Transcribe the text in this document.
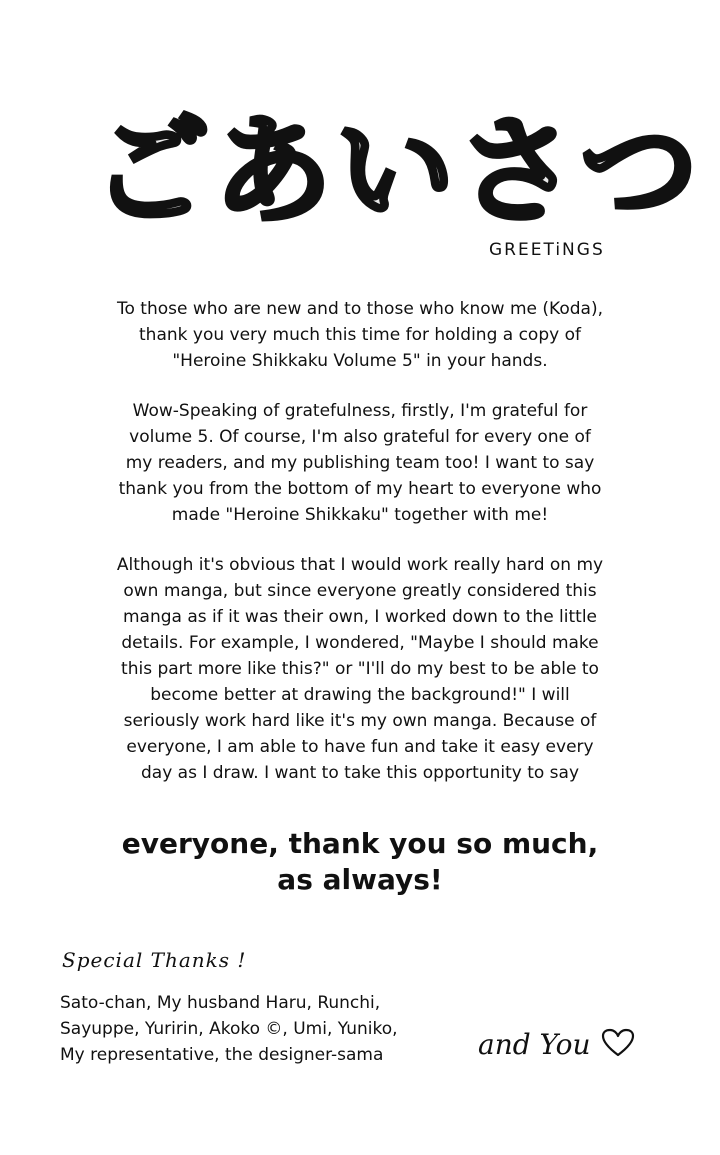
ごあいさつ
GREETiNGS
To those who are new and to those who know me (Koda),
thank you very much this time for holding a copy of
"Heroine Shikkaku Volume 5" in your hands.
Wow-Speaking of gratefulness, firstly, I'm grateful for
volume 5. Of course, I'm also grateful for every one of
my readers, and my publishing team too! I want to say
thank you from the bottom of my heart to everyone who
made "Heroine Shikkaku" together with me!
Although it's obvious that I would work really hard on my
own manga, but since everyone greatly considered this
manga as if it was their own, I worked down to the little
details. For example, I wondered, "Maybe I should make
this part more like this?" or "I'll do my best to be able to
become better at drawing the background!" I will
seriously work hard like it's my own manga. Because of
everyone, I am able to have fun and take it easy every
day as I draw. I want to take this opportunity to say
everyone, thank you so much,
as always!
Special Thanks !
Sato-chan, My husband Haru, Runchi,
Sayuppe, Yuririn, Akoko ©, Umi, Yuniko,
My representative, the designer-sama	and You
